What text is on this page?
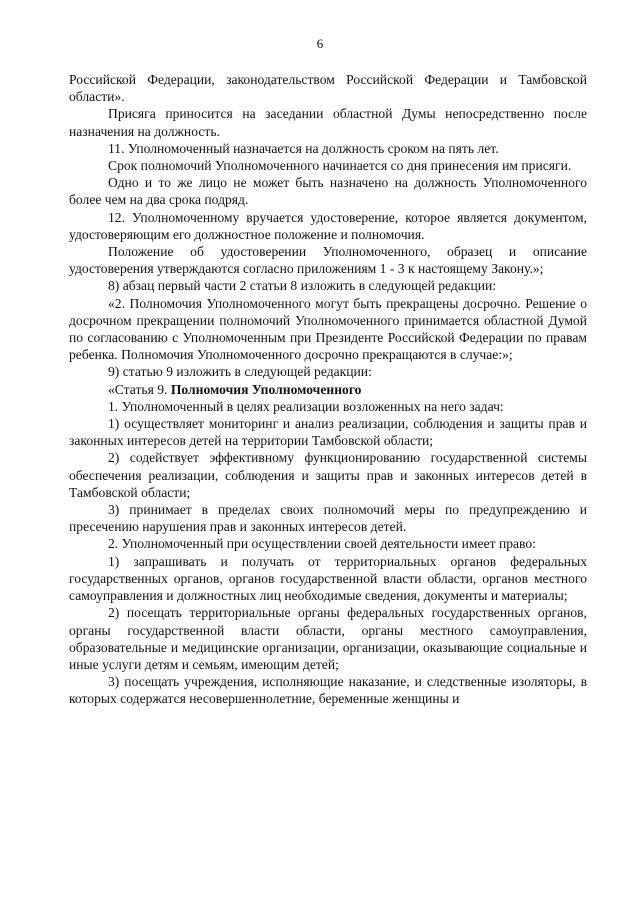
6

Российской Федерации, законодательством Российской Федерации и Тамбовской области».

Присяга приносится на заседании областной Думы непосредственно после назначения на должность.

11. Уполномоченный назначается на должность сроком на пять лет.

Срок полномочий Уполномоченного начинается со дня принесения им присяги.

Одно и то же лицо не может быть назначено на должность Уполномоченного более чем на два срока подряд.

12. Уполномоченному вручается удостоверение, которое является документом, удостоверяющим его должностное положение и полномочия.

Положение об удостоверении Уполномоченного, образец и описание удостоверения утверждаются согласно приложениям 1 - 3 к настоящему Закону.»;

8) абзац первый части 2 статьи 8 изложить в следующей редакции:

«2. Полномочия Уполномоченного могут быть прекращены досрочно. Решение о досрочном прекращении полномочий Уполномоченного принимается областной Думой по согласованию с Уполномоченным при Президенте Российской Федерации по правам ребенка. Полномочия Уполномоченного досрочно прекращаются в случае:»;

9) статью 9 изложить в следующей редакции:

«Статья 9. Полномочия Уполномоченного

1. Уполномоченный в целях реализации возложенных на него задач:

1) осуществляет мониторинг и анализ реализации, соблюдения и защиты прав и законных интересов детей на территории Тамбовской области;

2) содействует эффективному функционированию государственной системы обеспечения реализации, соблюдения и защиты прав и законных интересов детей в Тамбовской области;

3) принимает в пределах своих полномочий меры по предупреждению и пресечению нарушения прав и законных интересов детей.

2. Уполномоченный при осуществлении своей деятельности имеет право:

1) запрашивать и получать от территориальных органов федеральных государственных органов, органов государственной власти области, органов местного самоуправления и должностных лиц необходимые сведения, документы и материалы;

2) посещать территориальные органы федеральных государственных органов, органы государственной власти области, органы местного самоуправления, образовательные и медицинские организации, организации, оказывающие социальные и иные услуги детям и семьям, имеющим детей;

3) посещать учреждения, исполняющие наказание, и следственные изоляторы, в которых содержатся несовершеннолетние, беременные женщины и
